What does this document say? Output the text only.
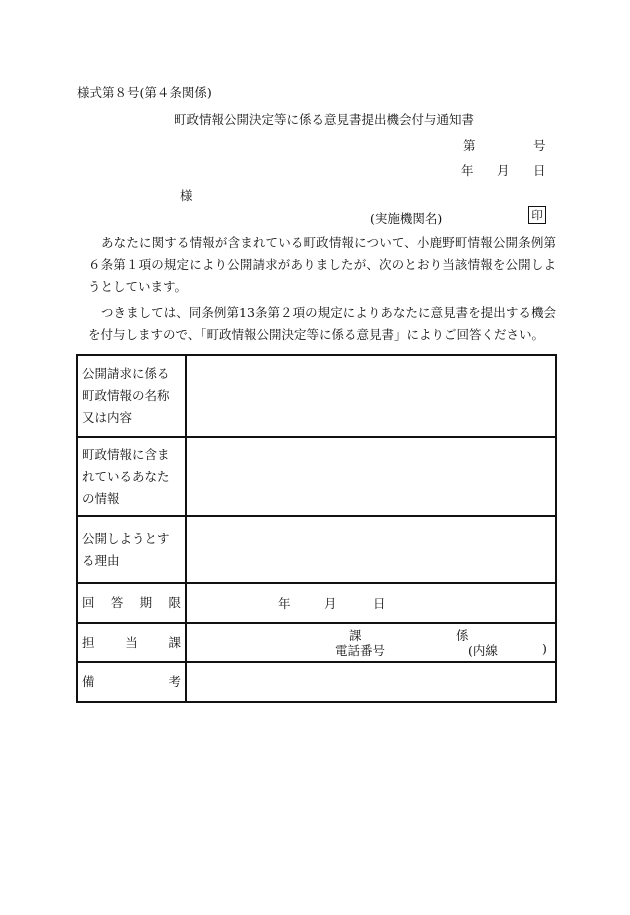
様式第８号(第４条関係)
町政情報公開決定等に係る意見書提出機会付与通知書
第	号
年 月 日
様
(実施機関名)	印
あなたに関する情報が含まれている町政情報について、小鹿野町情報公開条例第６条第１項の規定により公開請求がありましたが、次のとおり当該情報を公開しようとしています。
つきましては、同条例第13条第２項の規定によりあなたに意見書を提出する機会を付与しますので、「町政情報公開決定等に係る意見書」によりご回答ください。
公開請求に係る町政情報の名称又は内容	
町政情報に含まれているあなたの情報	
公開しようとする理由	

回 答 期 限	年 月 日

担 当 課	課 係
電話番号 (内線 )

備 考	
